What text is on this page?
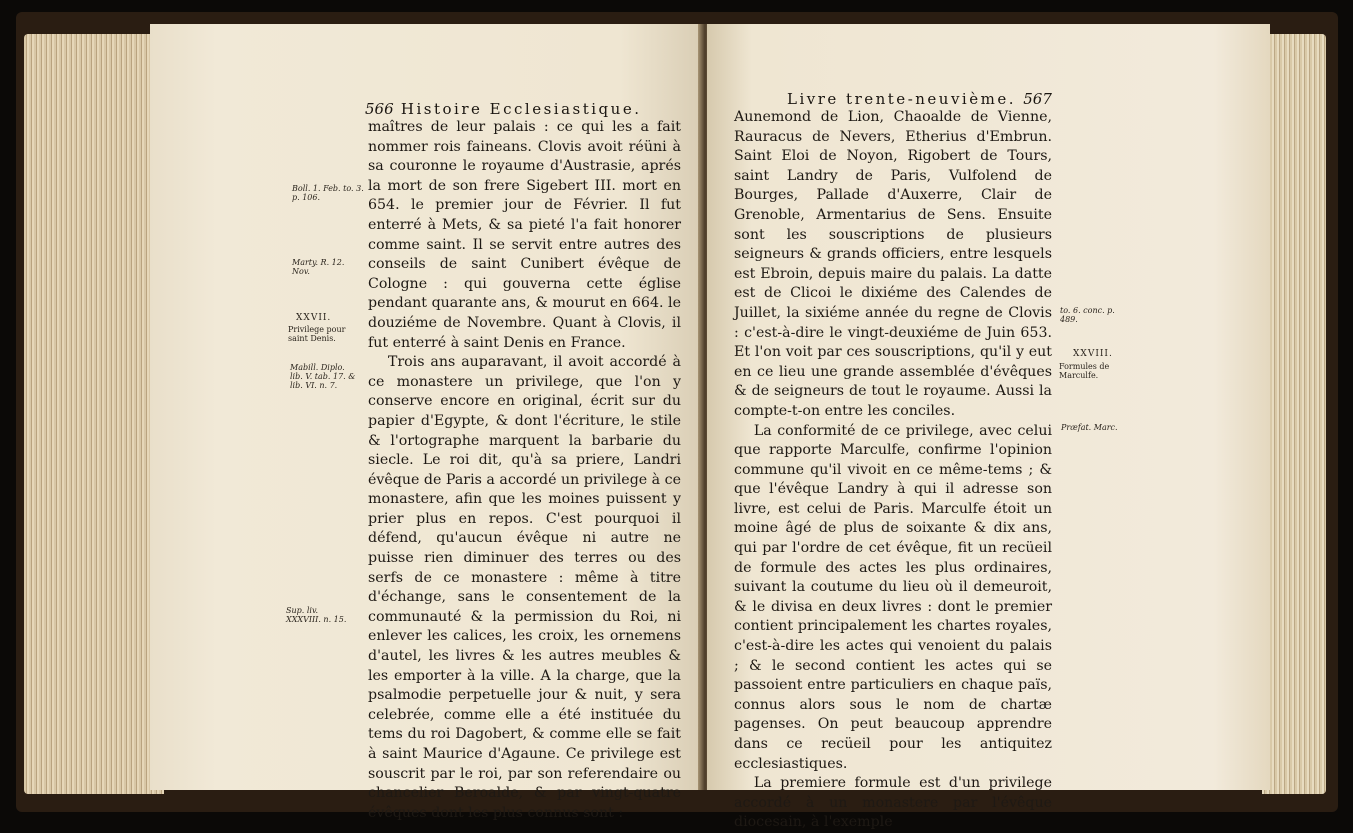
566 Histoire Ecclesiastique.

maîtres de leur palais : ce qui les a fait nommer rois faineans. Clovis avoit réüni à sa couronne le royaume d'Austrasie, aprés la mort de son frere Sigebert III. mort en 654. le premier jour de Février. Il fut enterré à Mets, & sa pieté l'a fait honorer comme saint. Il se servit entre autres des conseils de saint Cunibert évêque de Cologne : qui gouverna cette église pendant quarante ans, & mourut en 664. le douziéme de Novembre. Quant à Clovis, il fut enterré à saint Denis en France.

Trois ans auparavant, il avoit accordé à ce monastere un privilege, que l'on y conserve encore en original, écrit sur du papier d'Egypte, & dont l'écriture, le stile & l'ortographe marquent la barbarie du siecle. Le roi dit, qu'à sa priere, Landri évêque de Paris a accordé un privilege à ce monastere, afin que les moines puissent y prier plus en repos. C'est pourquoi il défend, qu'aucun évêque ni autre ne puisse rien diminuer des terres ou des serfs de ce monastere : même à titre d'échange, sans le consentement de la communauté & la permission du Roi, ni enlever les calices, les croix, les ornemens d'autel, les livres & les autres meubles & les emporter à la ville. A la charge, que la psalmodie perpetuelle jour & nuit, y sera celebrée, comme elle a été instituée du tems du roi Dagobert, & comme elle se fait à saint Maurice d'Agaune. Ce privilege est souscrit par le roi, par son referendaire ou chancelier Beroalde, & par vingt-quatre évêques dont les plus connus sont :

Boll. 1. Feb. to. 3.
p. 106.
Marty. R. 12.
Nov.
XXVII.
Privilege pour
saint Denis.
Mabill. Diplo.
lib. V. tab. 17. &
lib. VI. n. 7.
Sup. liv.
XXXVIII. n. 15.
Livre trente-neuvième. 567

Aunemond de Lion, Chaoalde de Vienne, Rauracus de Nevers, Etherius d'Embrun. Saint Eloi de Noyon, Rigobert de Tours, saint Landry de Paris, Vulfolend de Bourges, Pallade d'Auxerre, Clair de Grenoble, Armentarius de Sens. Ensuite sont les souscriptions de plusieurs seigneurs & grands officiers, entre lesquels est Ebroin, depuis maire du palais. La datte est de Clicoi le dixiéme des Calendes de Juillet, la sixiéme année du regne de Clovis : c'est-à-dire le vingt-deuxiéme de Juin 653. Et l'on voit par ces souscriptions, qu'il y eut en ce lieu une grande assemblée d'évêques & de seigneurs de tout le royaume. Aussi la compte-t-on entre les conciles.

La conformité de ce privilege, avec celui que rapporte Marculfe, confirme l'opinion commune qu'il vivoit en ce même-tems ; & que l'évêque Landry à qui il adresse son livre, est celui de Paris. Marculfe étoit un moine âgé de plus de soixante & dix ans, qui par l'ordre de cet évêque, fit un recüeil de formule des actes les plus ordinaires, suivant la coutume du lieu où il demeuroit, & le divisa en deux livres : dont le premier contient principalement les chartes royales, c'est-à-dire les actes qui venoient du palais ; & le second contient les actes qui se passoient entre particuliers en chaque païs, connus alors sous le nom de chartæ pagenses. On peut beaucoup apprendre dans ce recüeil pour les antiquitez ecclesiastiques.

La premiere formule est d'un privilege accordé à un monastere par l'évêque diocesain, à l'exemple

to. 6. conc. p.
489.
XXVIII.
Formules de Marculfe.
Præfat. Marc.
